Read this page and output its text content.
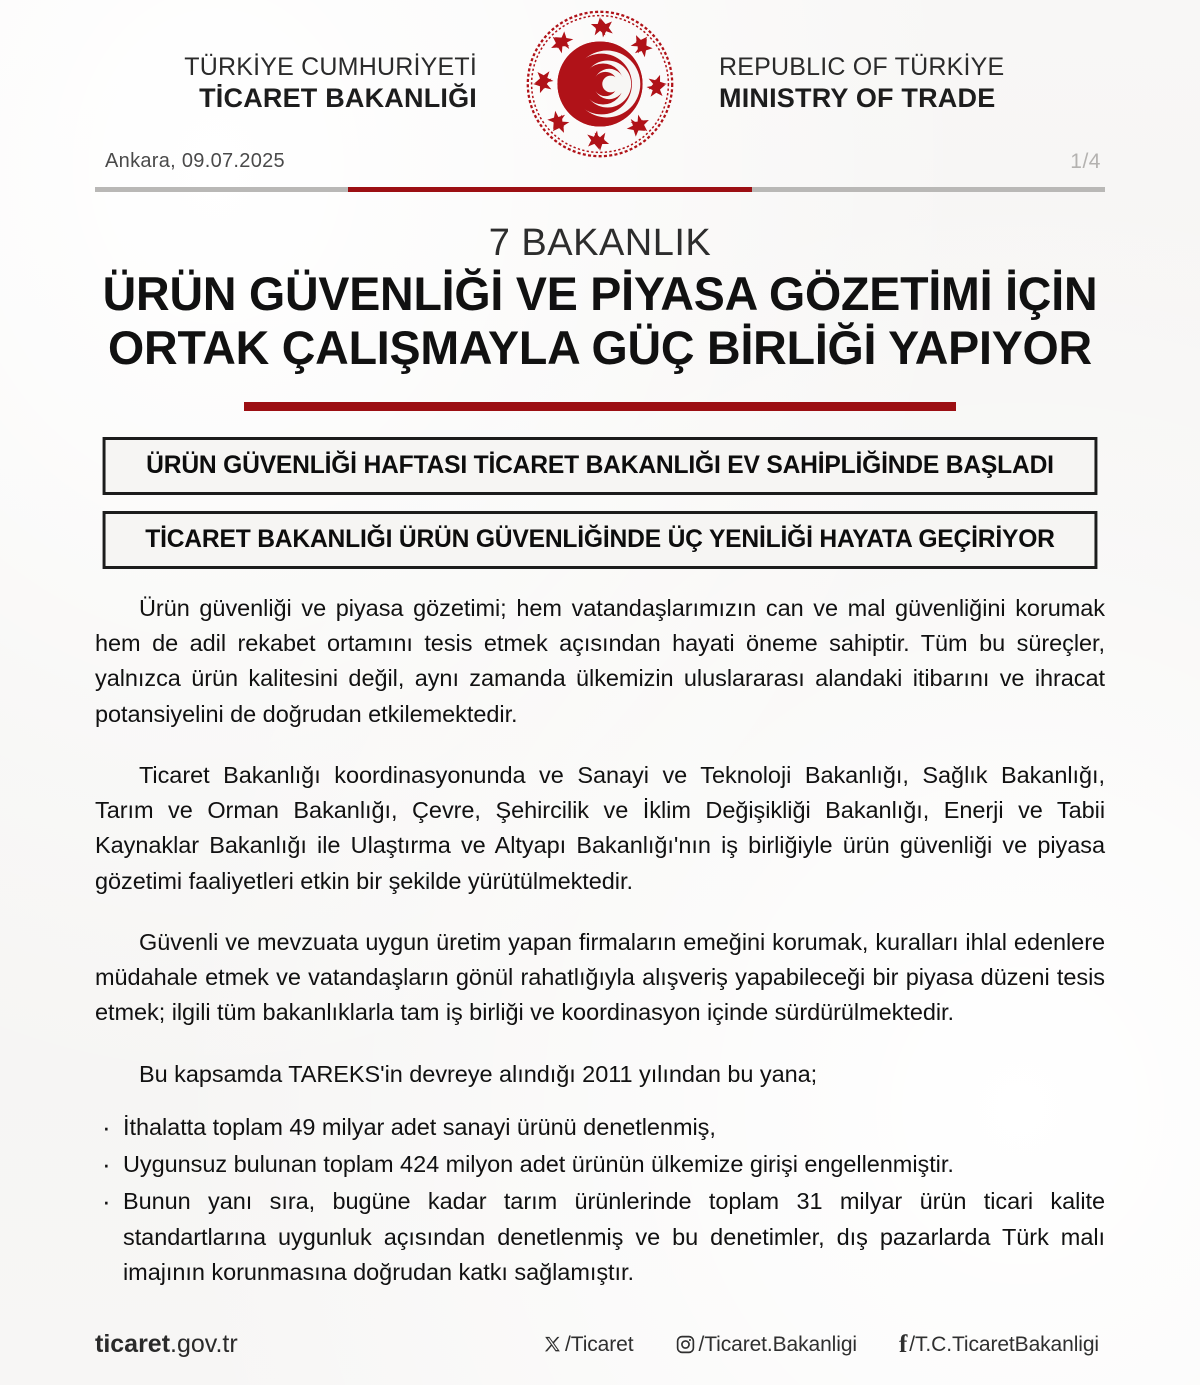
TÜRKİYE CUMHURİYETİ
TİCARET BAKANLIĞI
REPUBLIC OF TÜRKİYE
MINISTRY OF TRADE
Ankara, 09.07.2025	1/4
7 BAKANLIK
ÜRÜN GÜVENLİĞİ VE PİYASA GÖZETİMİ İÇİN
ORTAK ÇALIŞMAYLA GÜÇ BİRLİĞİ YAPIYOR
ÜRÜN GÜVENLİĞİ HAFTASI TİCARET BAKANLIĞI EV SAHİPLİĞİNDE BAŞLADI
TİCARET BAKANLIĞI ÜRÜN GÜVENLİĞİNDE ÜÇ YENİLİĞİ HAYATA GEÇİRİYOR

Ürün güvenliği ve piyasa gözetimi; hem vatandaşlarımızın can ve mal güvenliğini korumak hem de adil rekabet ortamını tesis etmek açısından hayati öneme sahiptir. Tüm bu süreçler, yalnızca ürün kalitesini değil, aynı zamanda ülkemizin uluslararası alandaki itibarını ve ihracat potansiyelini de doğrudan etkilemektedir.

Ticaret Bakanlığı koordinasyonunda ve Sanayi ve Teknoloji Bakanlığı, Sağlık Bakanlığı, Tarım ve Orman Bakanlığı, Çevre, Şehircilik ve İklim Değişikliği Bakanlığı, Enerji ve Tabii Kaynaklar Bakanlığı ile Ulaştırma ve Altyapı Bakanlığı'nın iş birliğiyle ürün güvenliği ve piyasa gözetimi faaliyetleri etkin bir şekilde yürütülmektedir.

Güvenli ve mevzuata uygun üretim yapan firmaların emeğini korumak, kuralları ihlal edenlere müdahale etmek ve vatandaşların gönül rahatlığıyla alışveriş yapabileceği bir piyasa düzeni tesis etmek; ilgili tüm bakanlıklarla tam iş birliği ve koordinasyon içinde sürdürülmektedir.

Bu kapsamda TAREKS'in devreye alındığı 2011 yılından bu yana;

· İthalatta toplam 49 milyar adet sanayi ürünü denetlenmiş,
· Uygunsuz bulunan toplam 424 milyon adet ürünün ülkemize girişi engellenmiştir.
· Bunun yanı sıra, bugüne kadar tarım ürünlerinde toplam 31 milyar ürün ticari kalite standartlarına uygunluk açısından denetlenmiş ve bu denetimler, dış pazarlarda Türk malı imajının korunmasına doğrudan katkı sağlamıştır.
ticaret.gov.tr	/Ticaret	/Ticaret.Bakanligi f /T.C.TicaretBakanligi
